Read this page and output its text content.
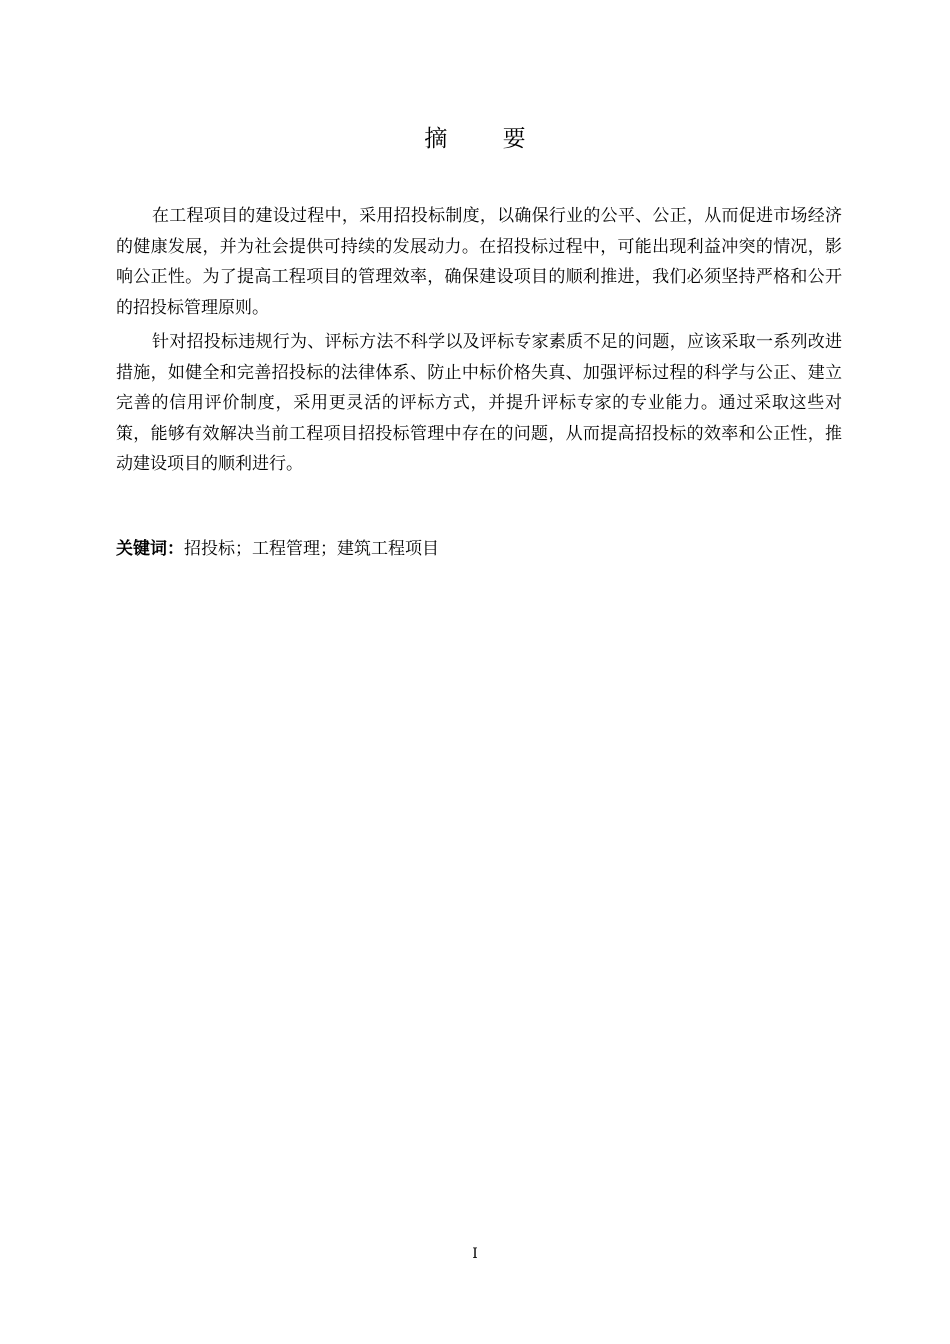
摘 要

在工程项目的建设过程中，采用招投标制度，以确保行业的公平、公正，从而促进市场经济的健康发展，并为社会提供可持续的发展动力。在招投标过程中，可能出现利益冲突的情况，影响公正性。为了提高工程项目的管理效率，确保建设项目的顺利推进，我们必须坚持严格和公开的招投标管理原则。

针对招投标违规行为、评标方法不科学以及评标专家素质不足的问题，应该采取一系列改进措施，如健全和完善招投标的法律体系、防止中标价格失真、加强评标过程的科学与公正、建立完善的信用评价制度，采用更灵活的评标方式，并提升评标专家的专业能力。通过采取这些对策，能够有效解决当前工程项目招投标管理中存在的问题，从而提高招投标的效率和公正性，推动建设项目的顺利进行。

关键词：招投标；工程管理；建筑工程项目
I
